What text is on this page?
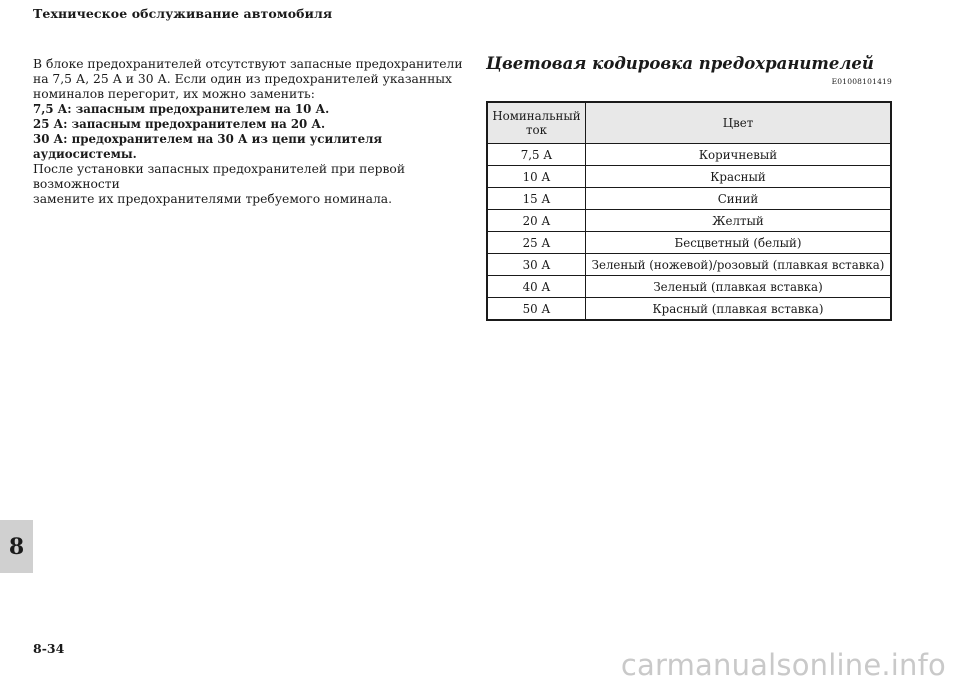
Техническое обслуживание автомобиля

В блоке предохранителей отсутствуют запасные предохранители

на 7,5 А, 25 А и 30 А. Если один из предохранителей указанных

номиналов перегорит, их можно заменить:

7,5 А: запасным предохранителем на 10 А.

25 А: запасным предохранителем на 20 А.

30 А: предохранителем на 30 А из цепи усилителя аудиосистемы.

После установки запасных предохранителей при первой возможности

замените их предохранителями требуемого номинала.

Цветовая кодировка предохранителей
E01008101419
Номинальный
ток	Цвет
7,5 А	Коричневый
10 А	Красный
15 А	Синий
20 А	Желтый
25 А	Бесцветный (белый)
30 А	Зеленый (ножевой)/розовый (плавкая вставка)
40 А	Зеленый (плавкая вставка)
50 А	Красный (плавкая вставка)
8
8-34	carmanualsonline.info
